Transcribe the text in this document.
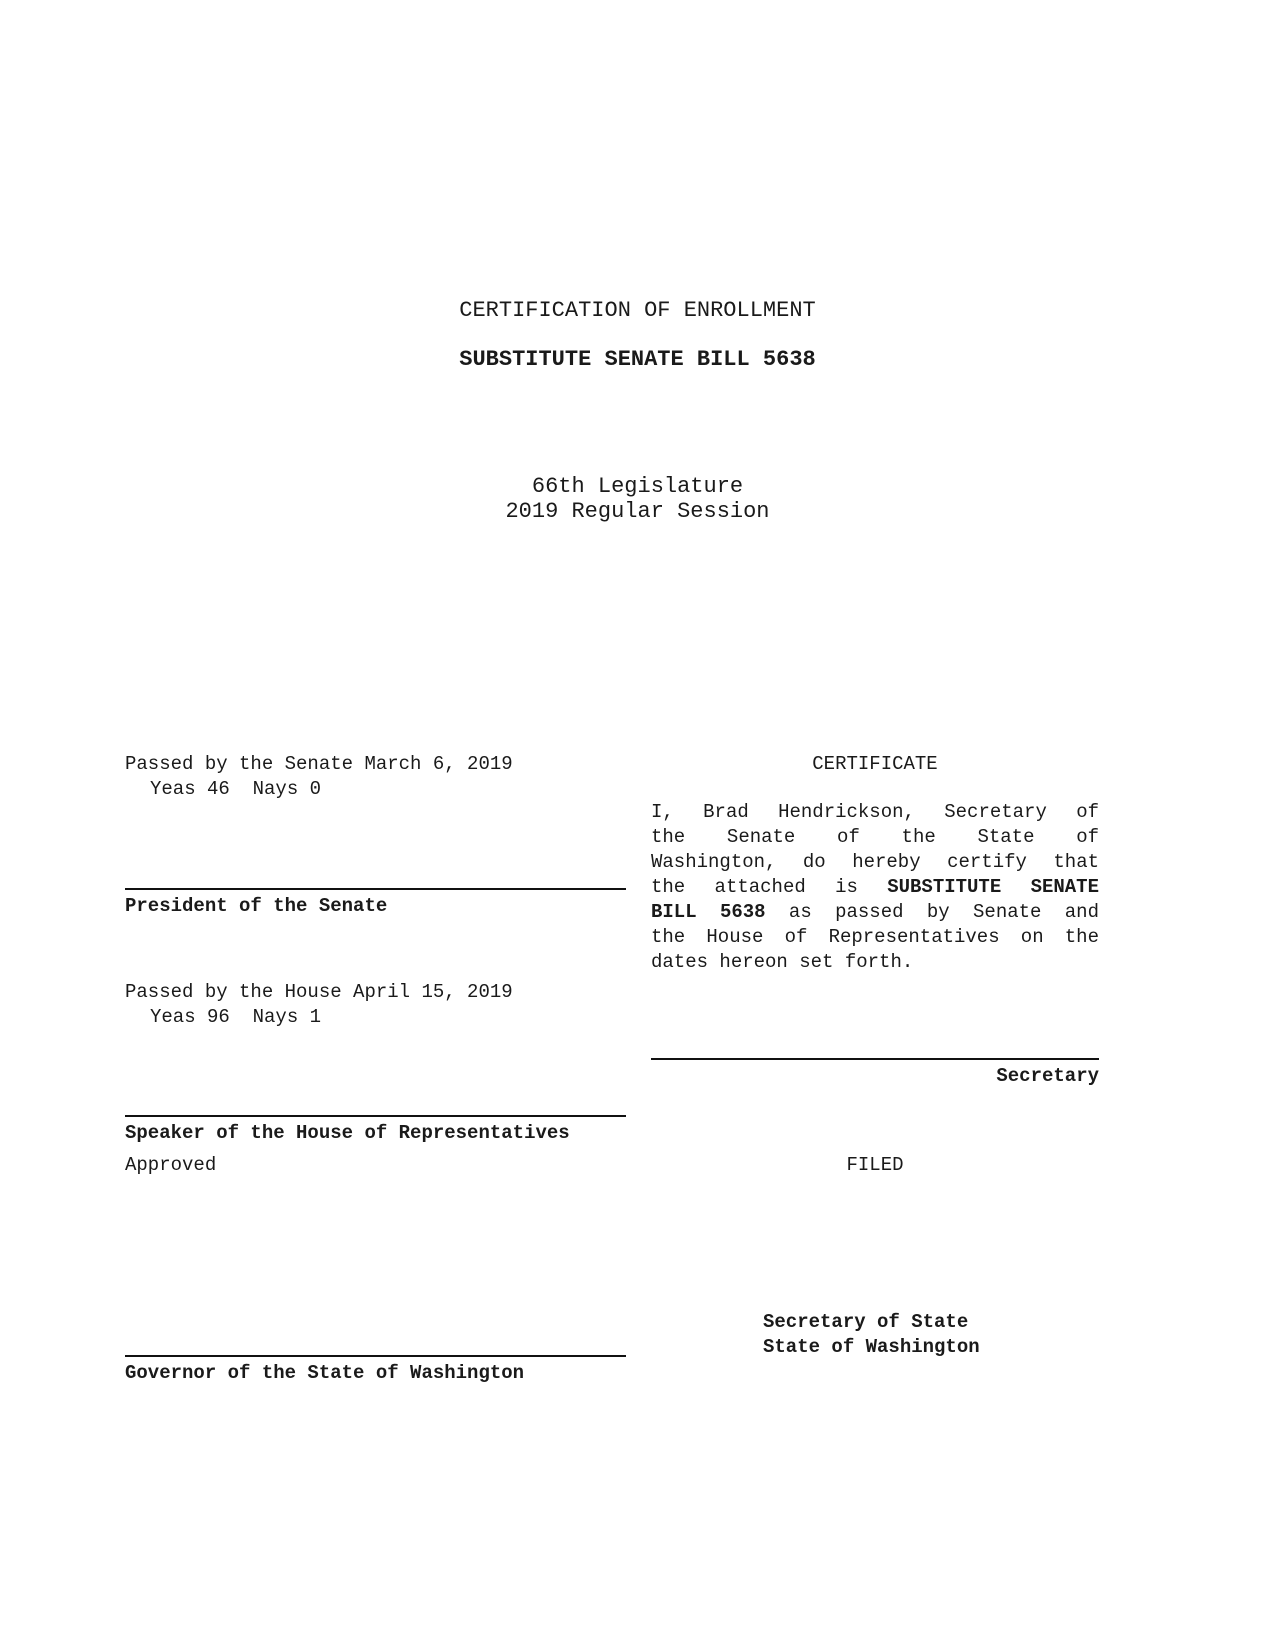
CERTIFICATION OF ENROLLMENT
SUBSTITUTE SENATE BILL 5638
66th Legislature
2019 Regular Session
Passed by the Senate March 6, 2019
Yeas 46  Nays 0
President of the Senate
Passed by the House April 15, 2019
Yeas 96  Nays 1
Speaker of the House of Representatives
Approved
Governor of the State of Washington
CERTIFICATE
I, Brad Hendrickson, Secretary of
the Senate of the State of
Washington, do hereby certify that
the attached is SUBSTITUTE SENATE
BILL 5638 as passed by Senate and
the House of Representatives on the
dates hereon set forth.
Secretary
FILED
Secretary of State
State of Washington
